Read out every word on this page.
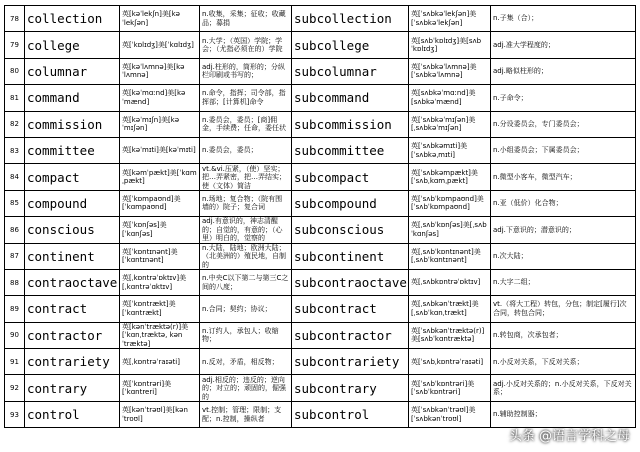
78	collection	英[kəˈlekʃn]美[kəˈlekʃən]	n.收集，采集；征收；收藏品；募捐	subcollection	英[ˈsʌbkəˈlekʃən]美[ˈsʌbkəˈlekʃən]	n.子集（合）；

79	college	英[ˈkɒlɪdʒ]美[ˈkɑlɪdʒ]	n.大学；（英国）学院；学会；（尤指必须在的）学院	subcollege	英[sʌbˈkɒlɪdʒ]美[sʌbˈkɒlɪdʒ]	adj.准大学程度的；

80	columnar	英[kəˈlʌmnə]美[kəˈlʌmnə]	adj.柱形的，筒形的；分纵栏印刷或书写的；	subcolumnar	英[ˈsʌbkəˈlʌmnə]美[ˈsʌbkəˈlʌmnə]	adj.略似柱形的；

81	command	英[kəˈmɑːnd]美[kəˈmænd]	n.命令，指挥；司令部，指挥部；[计算机]命令	subcommand	英[sʌbkəˈmɑːnd]美[sʌbkəˈmænd]	n.子命令；

82	commission	英[kəˈmɪʃn]美[kəˈmɪʃən]	n.委员会，委员；[商]佣金，手续费；任命，委任状	subcommission	英[ˈsʌbkəˈmɪʃən]美[ˌsʌbkəˈmɪʃən]	n.分设委员会，专门委员会；

83	committee	英[kəˈmɪti]美[kəˈmɪti]	n.委员会，委员；	subcommittee	英[ˈsʌbkəmɪti]美[ˈsʌbkəˌmɪti]	n.小组委员会；下属委员会；

84	compact	英[kəmˈpækt]美[ˈkɑmˌpækt]	vt.&vi.压紧，（使）坚实；把…弄紧密，把…弄结实；使（文体）简洁	subcompact	英[ˈsʌbkəmpækt]美[ˈsʌbˌkɑmˌpækt]	n.微型小客车，微型汽车；

85	compound	英[ˈkɒmpaʊnd]美[ˈkɑmpaʊnd]	n.场地；复合物；（院有围墙的）院子；复合词	subcompound	英[ˈsʌbˈkɒmpaʊnd]美[ˈsʌbˈkɒmpaʊnd]	n.亚（低价）化合物；

86	conscious	英[ˈkɒnʃəs]美[ˈkɑnʃəs]	adj.有意识的，神志清醒的；自觉的，有意的；（心里）明白的，觉察的	subconscious	英[ˌsʌbˈkɒnʃəs]美[ˌsʌbˈkɑnʃəs]	adj.下意识的；潜意识的；

87	continent	英[ˈkɒntɪnənt]美[ˈkɑntɪnənt]	n.大陆，陆地；欧洲大陆；（北美洲的）殖民地，自制的	subcontinent	英[ˌsʌbˈkɒntɪnənt]美[ˌsʌbˈkɑntɪnənt]	n.次大陆；

88	contraoctave	英[ˌkɒntrəˈɒktɪv]美[ˌkɑntrəˈɑktɪv]	n.中央C以下第二与第三C之间的八度；	subcontraoctave	英[ˌsʌbkɒntrəˈɒktɪv]	n.大字二组；

89	contract	英[ˈkɒntrækt]美[ˈkɑntrækt]	n.合同；契约；协议；	subcontract	英[ˌsʌbkənˈtrækt]美[ˌsʌbˈkɑnˌtrækt]	vt.（将大工程）转包，分包；制定[履行]次合同，转包合同；

90	contractor	英[kənˈtræktə(r)]美[ˈkɑnˌtræktə, kənˈtræktə]	n.订约人，承包人；收缩物；	subcontractor	英[ˈsʌbkənˈtræktə(r)]美[sʌbˈkɑntræktə]	n.转包商，次承包者；

91	contrariety	英[ˌkɒntrəˈraɪəti]	n.反对，矛盾，相反物；	subcontrariety	英[ˈsʌbˌkɒntrəˈraɪəti]	n.小反对关系，下反对关系；

92	contrary	英[ˈkɒntrəri]美[ˈkɑntreri]	adj.相反的；违反的；逆向的；对立的；顽固的，倔强的	subcontrary	英[ˈsʌbˈkɒntrəri]美[ˈsʌbˈkɒntrəri]	adj.小反对关系的；n.小反对关系，下反对关系；

93	control	英[kənˈtrəʊl]美[kənˈtroʊl]	vt.控制；管理；限制；支配；n.控制，操纵者	subcontrol	英[ˈsʌbkənˈtrəʊl]美[ˈsʌbkənˈtroʊl]	n.辅助控制器；
头条 @语言学科之母
